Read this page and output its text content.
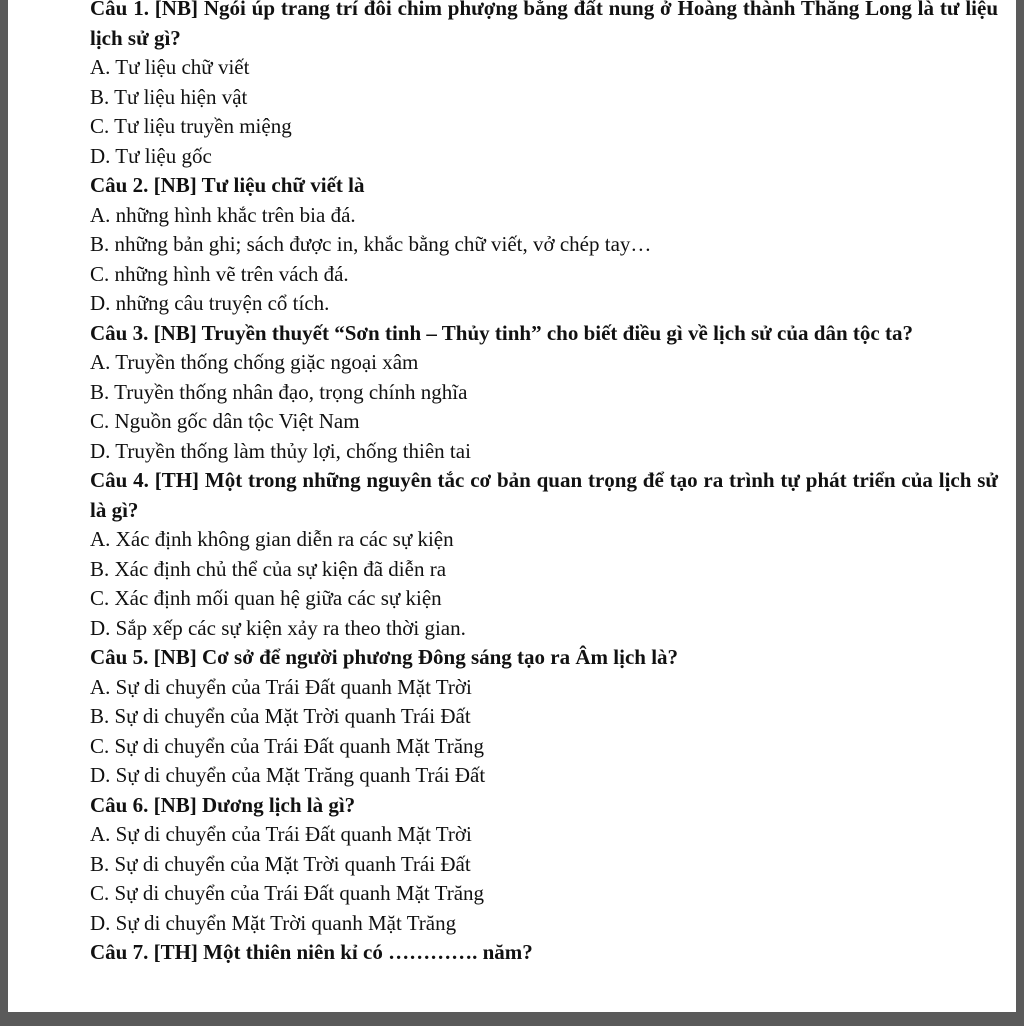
Câu 1. [NB] Ngói úp trang trí đôi chim phượng bằng đất nung ở Hoàng thành Thăng Long là tư liệu lịch sử gì?

A. Tư liệu chữ viết

B. Tư liệu hiện vật

C. Tư liệu truyền miệng

D. Tư liệu gốc

Câu 2. [NB] Tư liệu chữ viết là

A. những hình khắc trên bia đá.

B. những bản ghi; sách được in, khắc bằng chữ viết, vở chép tay…

C. những hình vẽ trên vách đá.

D. những câu truyện cổ tích.

Câu 3. [NB] Truyền thuyết “Sơn tinh – Thủy tinh” cho biết điều gì về lịch sử của dân tộc ta?

A. Truyền thống chống giặc ngoại xâm

B. Truyền thống nhân đạo, trọng chính nghĩa

C. Nguồn gốc dân tộc Việt Nam

D. Truyền thống làm thủy lợi, chống thiên tai

Câu 4. [TH] Một trong những nguyên tắc cơ bản quan trọng để tạo ra trình tự phát triển của lịch sử là gì?

A. Xác định không gian diễn ra các sự kiện

B. Xác định chủ thể của sự kiện đã diễn ra

C. Xác định mối quan hệ giữa các sự kiện

D. Sắp xếp các sự kiện xảy ra theo thời gian.

Câu 5. [NB] Cơ sở để người phương Đông sáng tạo ra Âm lịch là?

A. Sự di chuyển của Trái Đất quanh Mặt Trời

B. Sự di chuyển của Mặt Trời quanh Trái Đất

C. Sự di chuyển của Trái Đất quanh Mặt Trăng

D. Sự di chuyển của Mặt Trăng quanh Trái Đất

Câu 6. [NB] Dương lịch là gì?

A. Sự di chuyển của Trái Đất quanh Mặt Trời

B. Sự di chuyển của Mặt Trời quanh Trái Đất

C. Sự di chuyển của Trái Đất quanh Mặt Trăng

D. Sự di chuyển Mặt Trời quanh Mặt Trăng

Câu 7. [TH] Một thiên niên kỉ có …………. năm?
